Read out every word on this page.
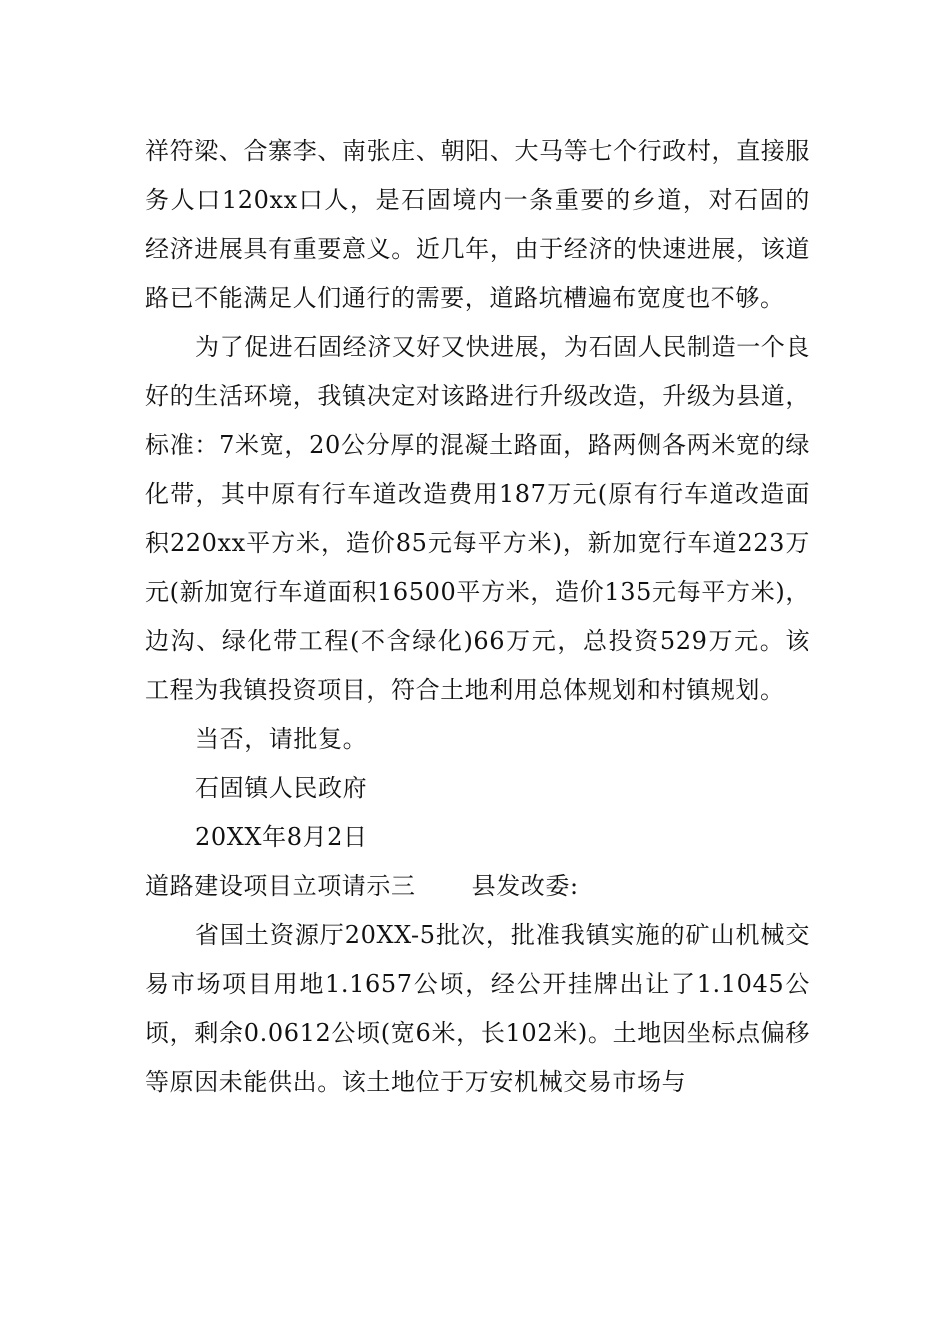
祥符梁、合寨李、南张庄、朝阳、大马等七个行政村，直接服务人口120xx口人，是石固境内一条重要的乡道，对石固的经济进展具有重要意义。近几年，由于经济的快速进展，该道路已不能满足人们通行的需要，道路坑槽遍布宽度也不够。

为了促进石固经济又好又快进展，为石固人民制造一个良好的生活环境，我镇决定对该路进行升级改造，升级为县道，标准：7米宽，20公分厚的混凝土路面，路两侧各两米宽的绿化带，其中原有行车道改造费用187万元(原有行车道改造面积220xx平方米，造价85元每平方米)，新加宽行车道223万元(新加宽行车道面积16500平方米，造价135元每平方米)，边沟、绿化带工程(不含绿化)66万元，总投资529万元。该工程为我镇投资项目，符合土地利用总体规划和村镇规划。

当否，请批复。

石固镇人民政府

20XX年8月2日

道路建设项目立项请示三 县发改委:

省国土资源厅20XX-5批次，批准我镇实施的矿山机械交易市场项目用地1.1657公顷，经公开挂牌出让了1.1045公顷，剩余0.0612公顷(宽6米，长102米)。土地因坐标点偏移等原因未能供出。该土地位于万安机械交易市场与
